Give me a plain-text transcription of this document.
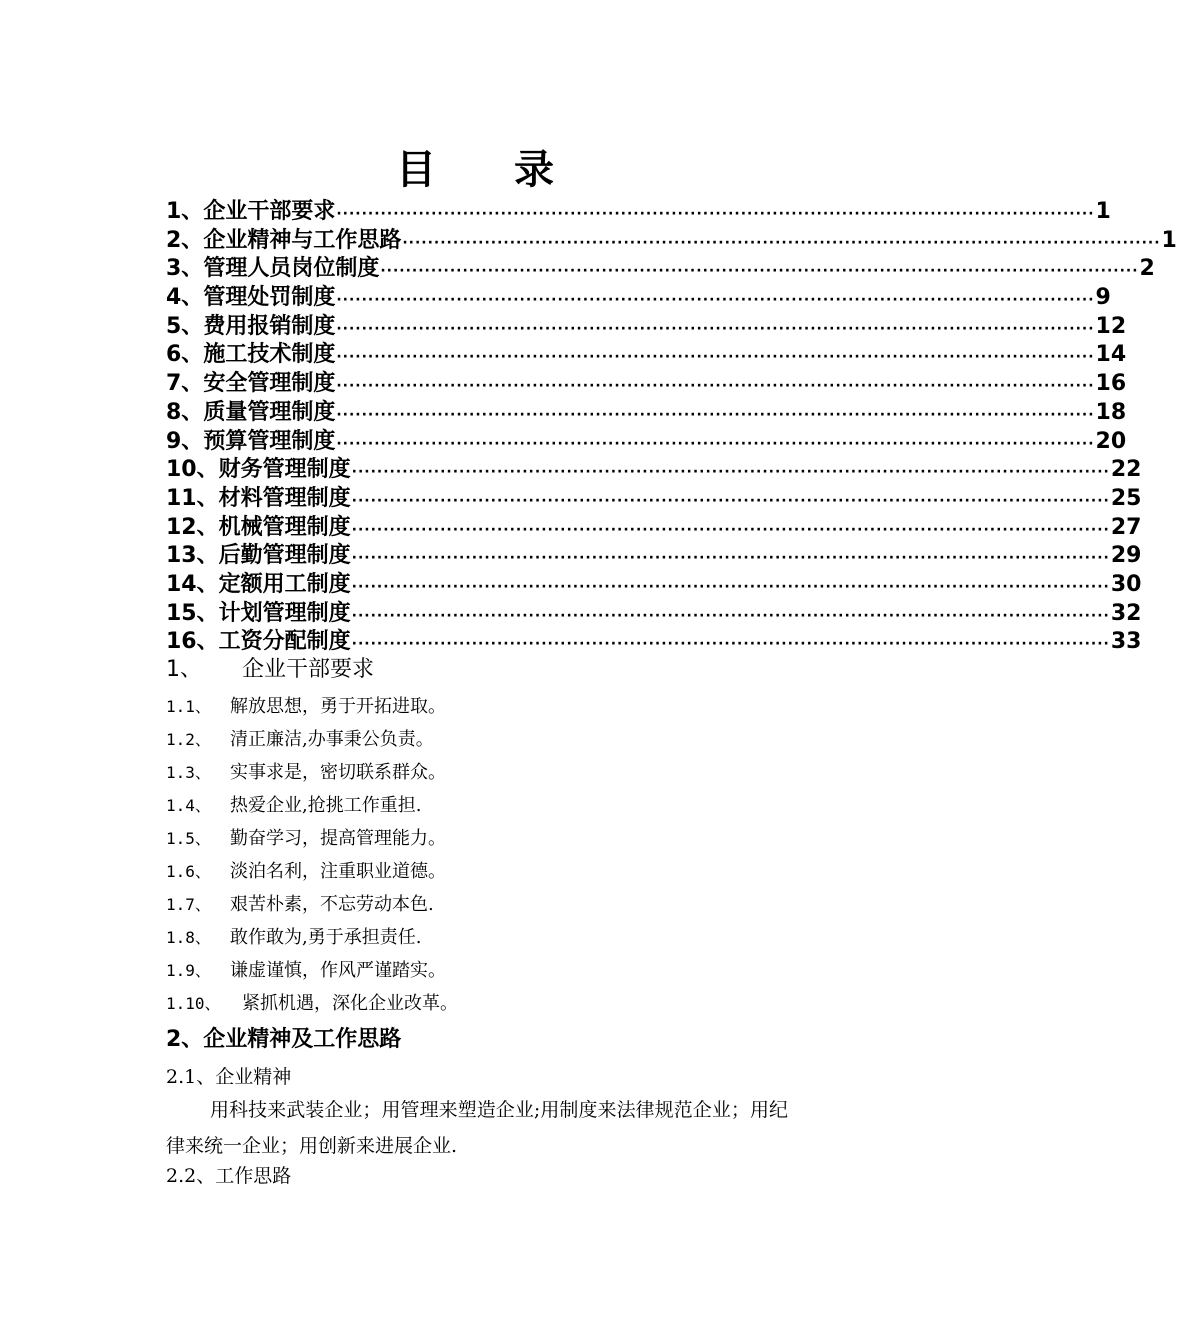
目录
1、 企业干部要求 ························································································································ 1
2、 企业精神与工作思路 ························································································································ 1
3、 管理人员岗位制度 ························································································································ 2
4、 管理处罚制度 ························································································································ 9
5、 费用报销制度 ························································································································ 12
6、 施工技术制度 ························································································································ 14
7、 安全管理制度 ························································································································ 16
8、 质量管理制度 ························································································································ 18
9、 预算管理制度 ························································································································ 20
10、 财务管理制度 ························································································································ 22
11、 材料管理制度 ························································································································ 25
12、 机械管理制度 ························································································································ 27
13、 后勤管理制度 ························································································································ 29
14、 定额用工制度 ························································································································ 30
15、 计划管理制度 ························································································································ 32
16、 工资分配制度 ························································································································ 33
1、 企业干部要求
1.1、 解放思想，勇于开拓进取。
1.2、 清正廉洁,办事秉公负责。
1.3、 实事求是，密切联系群众。
1.4、 热爱企业,抢挑工作重担.
1.5、 勤奋学习，提高管理能力。
1.6、 淡泊名利，注重职业道德。
1.7、 艰苦朴素，不忘劳动本色.
1.8、 敢作敢为,勇于承担责任.
1.9、 谦虚谨慎，作风严谨踏实。
1.10、 紧抓机遇，深化企业改革。
2、企业精神及工作思路
2.1、企业精神
用科技来武装企业；用管理来塑造企业;用制度来法律规范企业；用纪律来统一企业；用创新来进展企业.
2.2、工作思路
